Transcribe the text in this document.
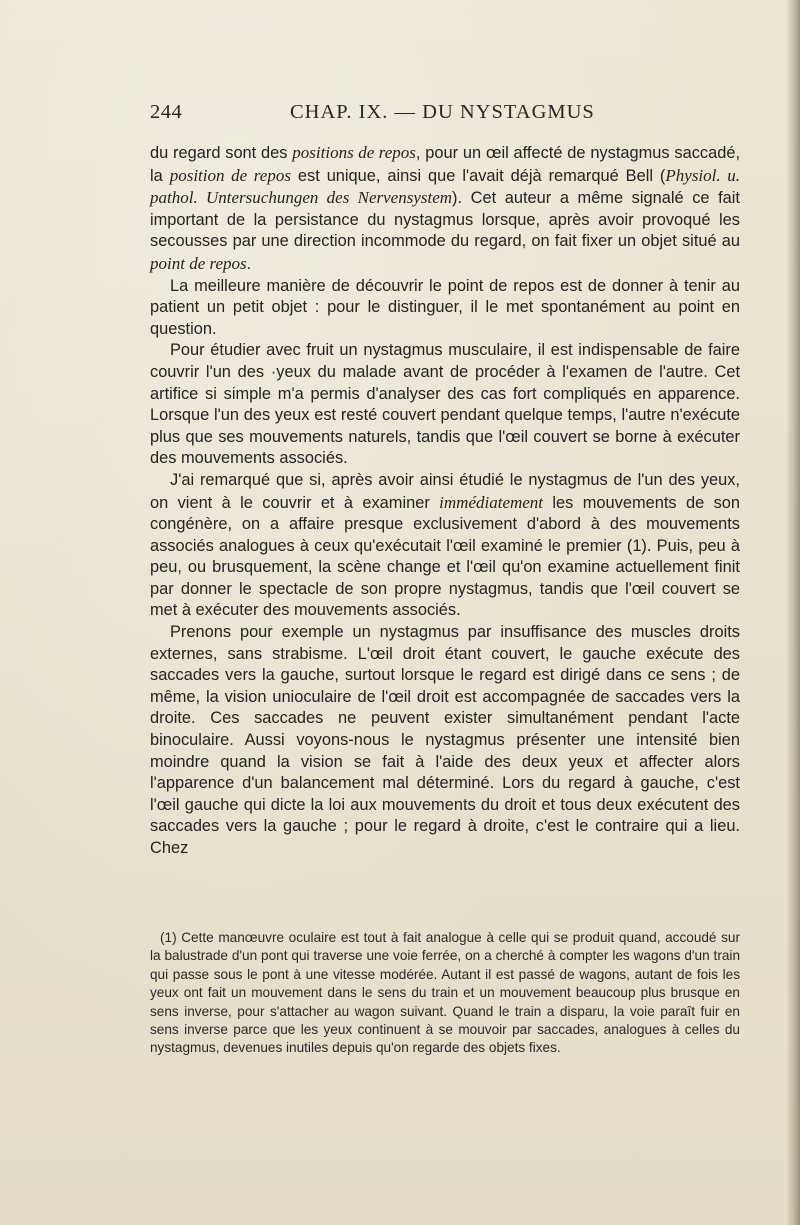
244	CHAP. IX. — DU NYSTAGMUS

du regard sont des positions de repos, pour un œil affecté de nystagmus saccadé, la position de repos est unique, ainsi que l'avait déjà remarqué Bell (Physiol. u. pathol. Untersuchungen des Nervensystem). Cet auteur a même signalé ce fait important de la persistance du nystagmus lorsque, après avoir provoqué les secousses par une direction incommode du regard, on fait fixer un objet situé au point de repos.

La meilleure manière de découvrir le point de repos est de donner à tenir au patient un petit objet : pour le distinguer, il le met spontanément au point en question.

Pour étudier avec fruit un nystagmus musculaire, il est indispensable de faire couvrir l'un des ·yeux du malade avant de procéder à l'examen de l'autre. Cet artifice si simple m'a permis d'analyser des cas fort compliqués en apparence. Lorsque l'un des yeux est resté couvert pendant quelque temps, l'autre n'exécute plus que ses mouvements naturels, tandis que l'œil couvert se borne à exécuter des mouvements associés.

J'ai remarqué que si, après avoir ainsi étudié le nystagmus de l'un des yeux, on vient à le couvrir et à examiner immédiatement les mouvements de son congénère, on a affaire presque exclusivement d'abord à des mouvements associés analogues à ceux qu'exécutait l'œil examiné le premier (1). Puis, peu à peu, ou brusquement, la scène change et l'œil qu'on examine actuellement finit par donner le spectacle de son propre nystagmus, tandis que l'œil couvert se met à exécuter des mouvements associés.

Prenons pour exemple un nystagmus par insuffisance des muscles droits externes, sans strabisme. L'œil droit étant couvert, le gauche exécute des saccades vers la gauche, surtout lorsque le regard est dirigé dans ce sens ; de même, la vision unioculaire de l'œil droit est accompagnée de saccades vers la droite. Ces saccades ne peuvent exister simultanément pendant l'acte binoculaire. Aussi voyons-nous le nystagmus présenter une intensité bien moindre quand la vision se fait à l'aide des deux yeux et affecter alors l'apparence d'un balancement mal déterminé. Lors du regard à gauche, c'est l'œil gauche qui dicte la loi aux mouvements du droit et tous deux exécutent des saccades vers la gauche ; pour le regard à droite, c'est le contraire qui a lieu. Chez

(1) Cette manœuvre oculaire est tout à fait analogue à celle qui se produit quand, accoudé sur la balustrade d'un pont qui traverse une voie ferrée, on a cherché à compter les wagons d'un train qui passe sous le pont à une vitesse modérée. Autant il est passé de wagons, autant de fois les yeux ont fait un mouvement dans le sens du train et un mouvement beaucoup plus brusque en sens inverse, pour s'attacher au wagon suivant. Quand le train a disparu, la voie paraît fuir en sens inverse parce que les yeux continuent à se mouvoir par saccades, analogues à celles du nystagmus, devenues inutiles depuis qu'on regarde des objets fixes.
